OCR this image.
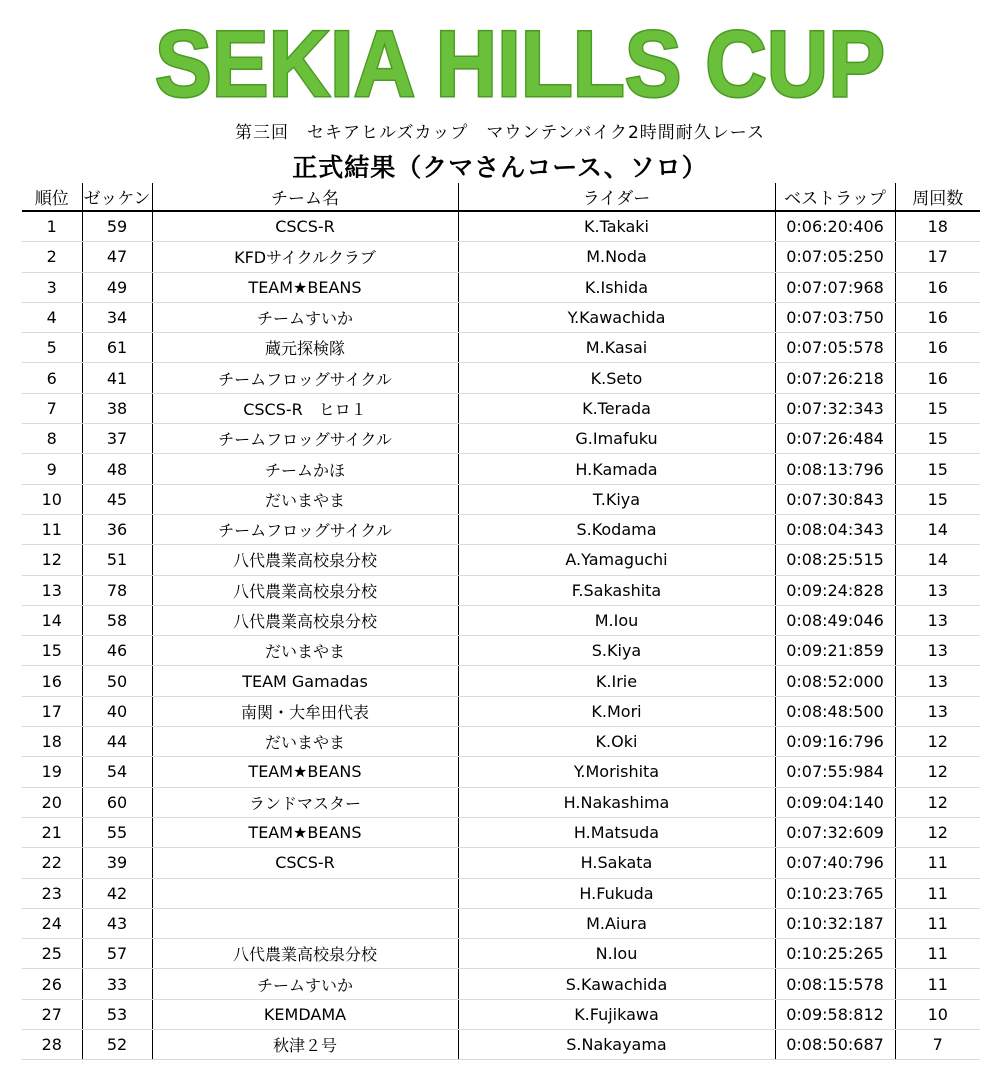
SEKIA HILLS CUP
第三回　セキアヒルズカップ　マウンテンバイク2時間耐久レース
正式結果（クマさんコース、ソロ）
順位	ゼッケン	チーム名	ライダー	ベストラップ	周回数
1	59	CSCS-R	K.Takaki	0:06:20:406	18
2	47	KFDサイクルクラブ	M.Noda	0:07:05:250	17
3	49	TEAM★BEANS	K.Ishida	0:07:07:968	16
4	34	チームすいか	Y.Kawachida	0:07:03:750	16
5	61	蔵元探検隊	M.Kasai	0:07:05:578	16
6	41	チームフロッグサイクル	K.Seto	0:07:26:218	16
7	38	CSCS-R　ヒロ１	K.Terada	0:07:32:343	15
8	37	チームフロッグサイクル	G.Imafuku	0:07:26:484	15
9	48	チームかほ	H.Kamada	0:08:13:796	15
10	45	だいまやま	T.Kiya	0:07:30:843	15
11	36	チームフロッグサイクル	S.Kodama	0:08:04:343	14
12	51	八代農業高校泉分校	A.Yamaguchi	0:08:25:515	14
13	78	八代農業高校泉分校	F.Sakashita	0:09:24:828	13
14	58	八代農業高校泉分校	M.Iou	0:08:49:046	13
15	46	だいまやま	S.Kiya	0:09:21:859	13
16	50	TEAM Gamadas	K.Irie	0:08:52:000	13
17	40	南関・大牟田代表	K.Mori	0:08:48:500	13
18	44	だいまやま	K.Oki	0:09:16:796	12
19	54	TEAM★BEANS	Y.Morishita	0:07:55:984	12
20	60	ランドマスター	H.Nakashima	0:09:04:140	12
21	55	TEAM★BEANS	H.Matsuda	0:07:32:609	12
22	39	CSCS-R	H.Sakata	0:07:40:796	11
23	42		H.Fukuda	0:10:23:765	11
24	43		M.Aiura	0:10:32:187	11
25	57	八代農業高校泉分校	N.Iou	0:10:25:265	11
26	33	チームすいか	S.Kawachida	0:08:15:578	11
27	53	KEMDAMA	K.Fujikawa	0:09:58:812	10
28	52	秋津２号	S.Nakayama	0:08:50:687	7
